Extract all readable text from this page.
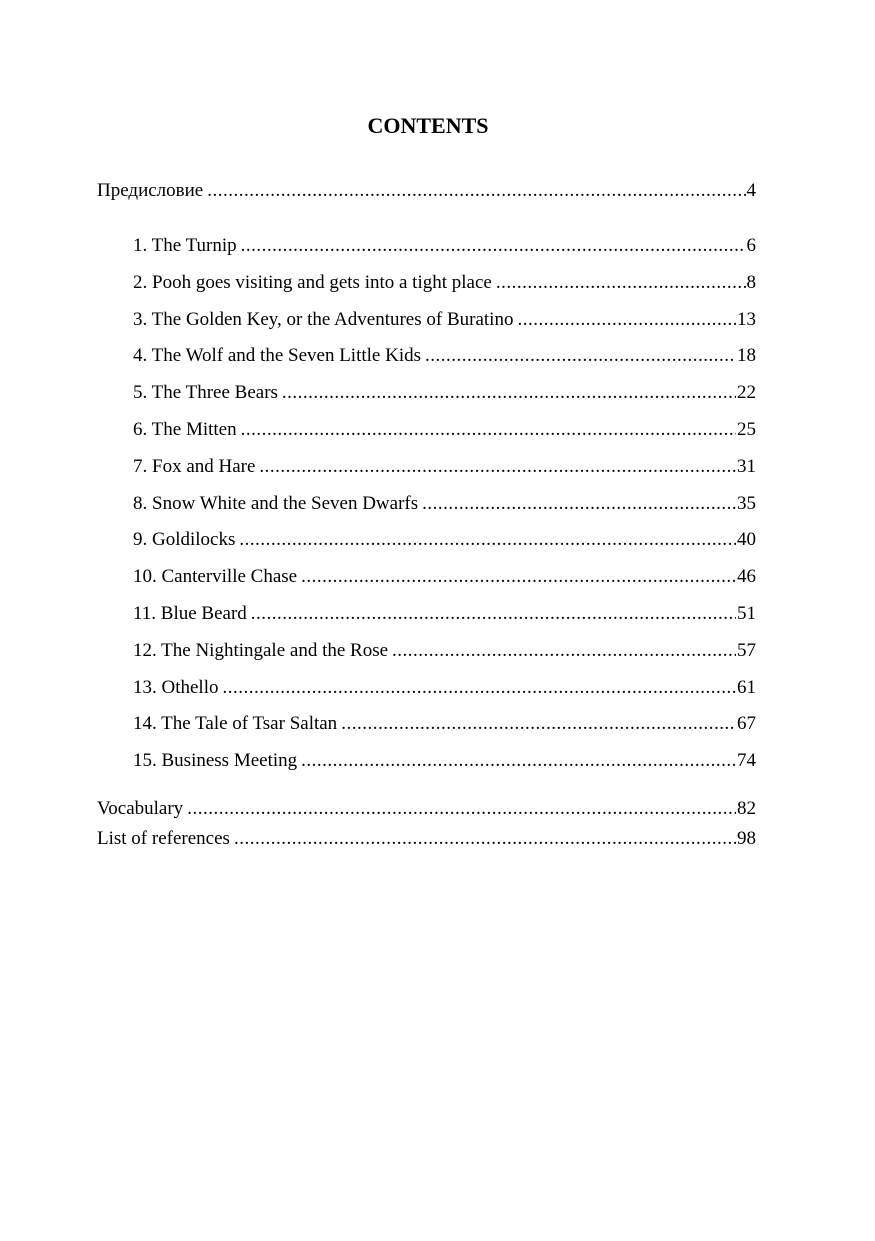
CONTENTS
Предисловие .....	4
1. The Turnip .....	6
2. Pooh goes visiting and gets into a tight place .....	8
3. The Golden Key, or the Adventures of Buratino .....	13
4. The Wolf and the Seven Little Kids .....	18
5. The Three Bears .....	22
6. The Mitten .....	25
7. Fox and Hare .....	31
8. Snow White and the Seven Dwarfs .....	35
9. Goldilocks .....	40
10. Canterville Chase .....	46
11. Blue Beard .....	51
12. The Nightingale and the Rose .....	57
13. Othello .....	61
14. The Tale of Tsar Saltan .....	67
15. Business Meeting .....	74
Vocabulary .....	82
List of references .....	98
